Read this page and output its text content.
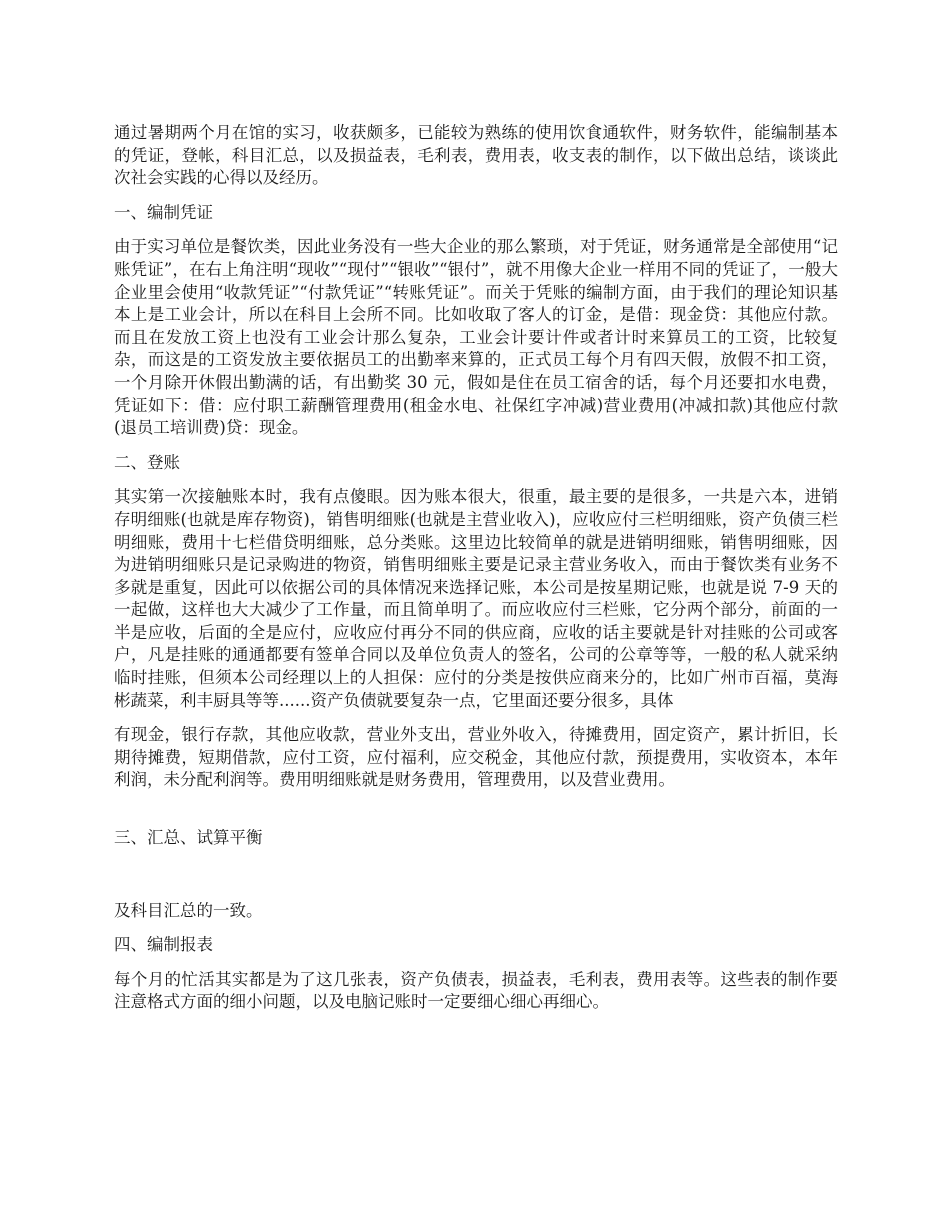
通过暑期两个月在馆的实习，收获颇多，已能较为熟练的使用饮食通软件，财务软件，能编制基本的凭证，登帐，科目汇总，以及损益表，毛利表，费用表，收支表的制作，以下做出总结，谈谈此次社会实践的心得以及经历。

一、编制凭证

由于实习单位是餐饮类，因此业务没有一些大企业的那么繁琐，对于凭证，财务通常是全部使用“记账凭证”，在右上角注明“现收”“现付”“银收”“银付”，就不用像大企业一样用不同的凭证了，一般大企业里会使用“收款凭证”“付款凭证”“转账凭证”。而关于凭账的编制方面，由于我们的理论知识基本上是工业会计，所以在科目上会所不同。比如收取了客人的订金，是借：现金贷：其他应付款。而且在发放工资上也没有工业会计那么复杂，工业会计要计件或者计时来算员工的工资，比较复杂，而这是的工资发放主要依据员工的出勤率来算的，正式员工每个月有四天假，放假不扣工资，一个月除开休假出勤满的话，有出勤奖 30 元，假如是住在员工宿舍的话，每个月还要扣水电费，凭证如下：借：应付职工薪酬管理费用(租金水电、社保红字冲减)营业费用(冲减扣款)其他应付款(退员工培训费)贷：现金。

二、登账

其实第一次接触账本时，我有点傻眼。因为账本很大，很重，最主要的是很多，一共是六本，进销存明细账(也就是库存物资)，销售明细账(也就是主营业收入)，应收应付三栏明细账，资产负债三栏明细账，费用十七栏借贷明细账，总分类账。这里边比较简单的就是进销明细账，销售明细账，因为进销明细账只是记录购进的物资，销售明细账主要是记录主营业务收入，而由于餐饮类有业务不多就是重复，因此可以依据公司的具体情况来选择记账，本公司是按星期记账，也就是说 7-9 天的一起做，这样也大大减少了工作量，而且简单明了。而应收应付三栏账，它分两个部分，前面的一半是应收，后面的全是应付，应收应付再分不同的供应商，应收的话主要就是针对挂账的公司或客户，凡是挂账的通通都要有签单合同以及单位负责人的签名，公司的公章等等，一般的私人就采纳临时挂账，但须本公司经理以上的人担保：应付的分类是按供应商来分的，比如广州市百福，莫海彬蔬菜，利丰厨具等等......资产负债就要复杂一点，它里面还要分很多，具体

有现金，银行存款，其他应收款，营业外支出，营业外收入，待摊费用，固定资产，累计折旧，长期待摊费，短期借款，应付工资，应付福利，应交税金，其他应付款，预提费用，实收资本，本年利润，未分配利润等。费用明细账就是财务费用，管理费用，以及营业费用。

三、汇总、试算平衡

及科目汇总的一致。

四、编制报表

每个月的忙活其实都是为了这几张表，资产负债表，损益表，毛利表，费用表等。这些表的制作要注意格式方面的细小问题，以及电脑记账时一定要细心细心再细心。
